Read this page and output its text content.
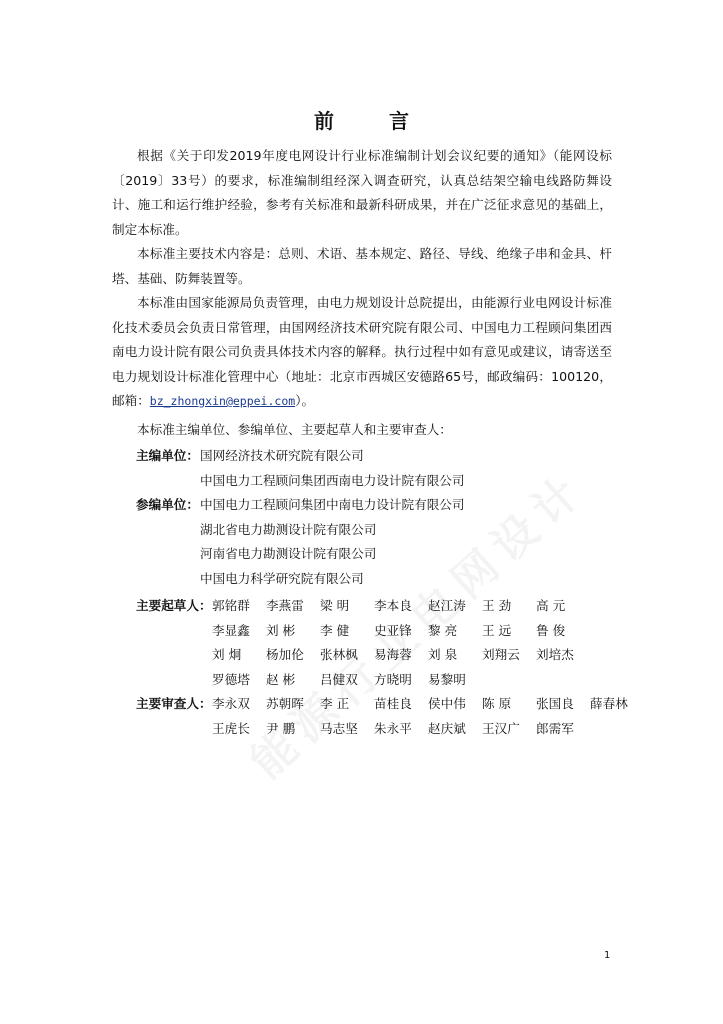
前 言

根据《关于印发2019年度电网设计行业标准编制计划会议纪要的通知》（能网设标〔2019〕33号）的要求，标准编制组经深入调查研究，认真总结架空输电线路防舞设计、施工和运行维护经验，参考有关标准和最新科研成果，并在广泛征求意见的基础上，制定本标准。

本标准主要技术内容是：总则、术语、基本规定、路径、导线、绝缘子串和金具、杆塔、基础、防舞装置等。

本标准由国家能源局负责管理，由电力规划设计总院提出，由能源行业电网设计标准化技术委员会负责日常管理，由国网经济技术研究院有限公司、中国电力工程顾问集团西南电力设计院有限公司负责具体技术内容的解释。执行过程中如有意见或建议，请寄送至电力规划设计标准化管理中心（地址：北京市西城区安德路65号，邮政编码：100120，邮箱：bz_zhongxin@eppei.com）。

本标准主编单位、参编单位、主要起草人和主要审查人：

主编单位：国网经济技术研究院有限公司
中国电力工程顾问集团西南电力设计院有限公司
参编单位：中国电力工程顾问集团中南电力设计院有限公司
湖北省电力勘测设计院有限公司
河南省电力勘测设计院有限公司
中国电力科学研究院有限公司
主要起草人：郭铭群 李燕雷 梁 明 李本良 赵江涛 王 劲 高 元
李显鑫 刘 彬 李 健 史亚锋 黎 亮 王 远 鲁 俊
刘 炯 杨加伦 张林枫 易海蓉 刘 泉 刘翔云 刘培杰
罗德塔 赵 彬 吕健双 方晓明 易黎明
主要审查人：李永双 苏朝晖 李 正 苗桂良 侯中伟 陈 原 张国良 薛春林
王虎长 尹 鹏 马志坚 朱永平 赵庆斌 王汉广 郎需军
1
